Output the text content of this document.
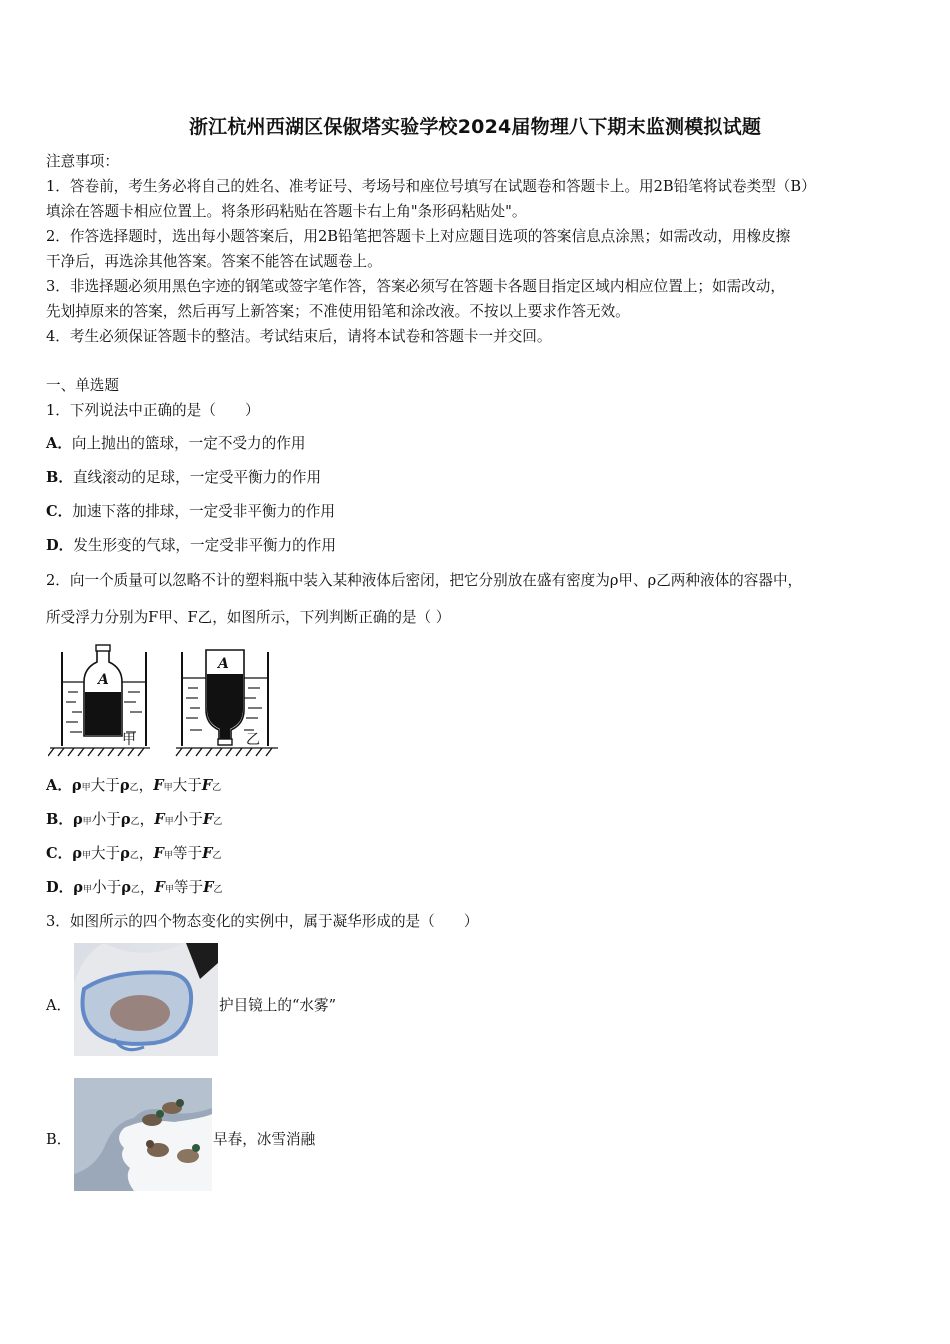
浙江杭州西湖区保俶塔实验学校2024届物理八下期末监测模拟试题
注意事项：
1．答卷前，考生务必将自己的姓名、准考证号、考场号和座位号填写在试题卷和答题卡上。用2B铅笔将试卷类型（B）
填涂在答题卡相应位置上。将条形码粘贴在答题卡右上角"条形码粘贴处"。
2．作答选择题时，选出每小题答案后，用2B铅笔把答题卡上对应题目选项的答案信息点涂黑；如需改动，用橡皮擦
干净后，再选涂其他答案。答案不能答在试题卷上。
3．非选择题必须用黑色字迹的钢笔或签字笔作答，答案必须写在答题卡各题目指定区域内相应位置上；如需改动，
先划掉原来的答案，然后再写上新答案；不准使用铅笔和涂改液。不按以上要求作答无效。
4．考生必须保证答题卡的整洁。考试结束后，请将本试卷和答题卡一并交回。
一、单选题
1．下列说法中正确的是（　　）
A．向上抛出的篮球，一定不受力的作用
B．直线滚动的足球，一定受平衡力的作用
C．加速下落的排球，一定受非平衡力的作用
D．发生形变的气球，一定受非平衡力的作用
2．向一个质量可以忽略不计的塑料瓶中装入某种液体后密闭，把它分别放在盛有密度为ρ甲、ρ乙两种液体的容器中，
所受浮力分别为F甲、F乙，如图所示，下列判断正确的是（ ）
A
甲
A
乙
A．ρ甲大于ρ乙，F甲大于F乙
B．ρ甲小于ρ乙，F甲小于F乙
C．ρ甲大于ρ乙，F甲等于F乙
D．ρ甲小于ρ乙，F甲等于F乙
3．如图所示的四个物态变化的实例中，属于凝华形成的是（　　）
A．	护目镜上的“水雾”
B．	早春，冰雪消融
